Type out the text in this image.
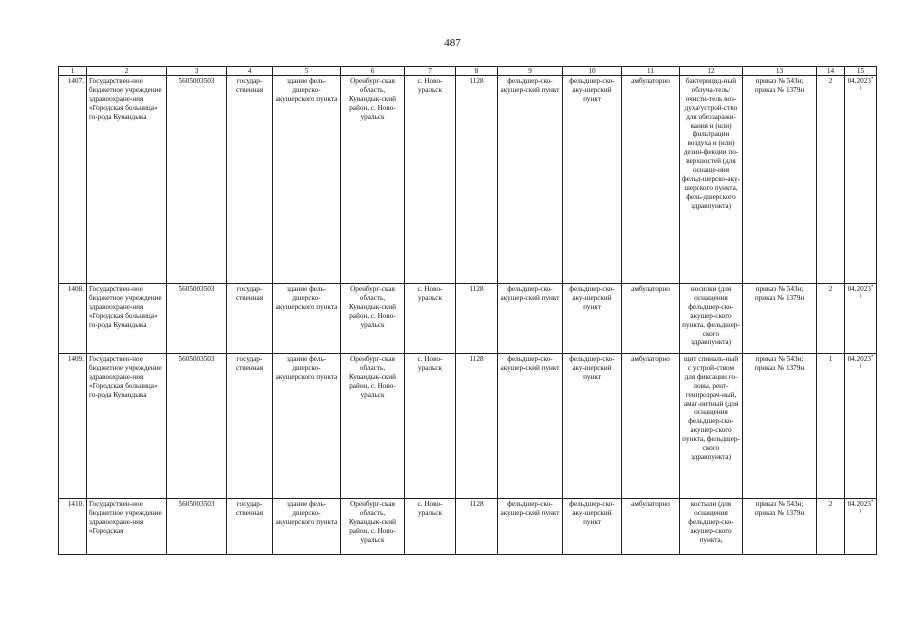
487
1	2	3	4	5	6	7	8	9	10	11	12	13	14	15
1407.	Государствен-ное бюджетное учреждение здравоохране-ния «Городская больница» го-рода Кувандыка	5605003503	государ-ственная	здание фель-дшерско-акушерского пункта	Оренбург-ская область, Кувандык-ский район, с. Ново-уральск	с. Ново-уральск	1128	фельдшер-ско-акушер-ский пункт	фельдшер-ско-аку-шерский пункт	амбулаторно	бактерицид-ный облуча-тель/очисти-тель воз-духа/устрой-ство для обеззаражи-вания и (или) фильтрации воздуха и (или) дезин-фекции по-верхностей (для оснаще-ния фельд-шерско-аку-шерского пункта, фель-дшерского здравпункта)	приказ № 543н; приказ № 1379н	2	04.2023*)
1408.	Государствен-ное бюджетное учреждение здравоохране-ния «Городская больница» го-рода Кувандыка	5605003503	государ-ственная	здание фель-дшерско-акушерского пункта	Оренбург-ская область, Кувандык-ский район, с. Ново-уральск	с. Ново-уральск	1128	фельдшер-ско-акушер-ский пункт	фельдшер-ско-аку-шерский пункт	амбулаторно	носилки (для оснащения фельдшер-ско-акушер-ского пункта, фельдшер-ского здравпункта)	приказ № 543н; приказ № 1379н	2	04.2023*)
1409.	Государствен-ное бюджетное учреждение здравоохране-ния «Городская больница» го-рода Кувандыка	5605003503	государ-ственная	здание фель-дшерско-акушерского пункта	Оренбург-ская область, Кувандык-ский район, с. Ново-уральск	с. Ново-уральск	1128	фельдшер-ско-акушер-ский пункт	фельдшер-ско-аку-шерский пункт	амбулаторно	щит спиналь-ный с устрой-ством для фиксации го-ловы, рент-генпрозрач-ный, амаг-нитный (для оснащения фельдшер-ско-акушер-ского пункта, фельдшер-ского здравпункта)	приказ № 543н; приказ № 1379н	1	04.2023*)
1410.	Государствен-ное бюджетное учреждение здравоохране-ния «Городская	5605003503	государ-ственная	здание фель-дшерско-акушерского пункта	Оренбург-ская область, Кувандык-ский район, с. Ново-уральск	с. Ново-уральск	1128	фельдшер-ско-акушер-ский пункт	фельдшер-ско-аку-шерский пункт	амбулаторно	костыли (для оснащения фельдшер-ско-акушер-ского пункта,	приказ № 543н; приказ № 1379н	2	04.2023*)
